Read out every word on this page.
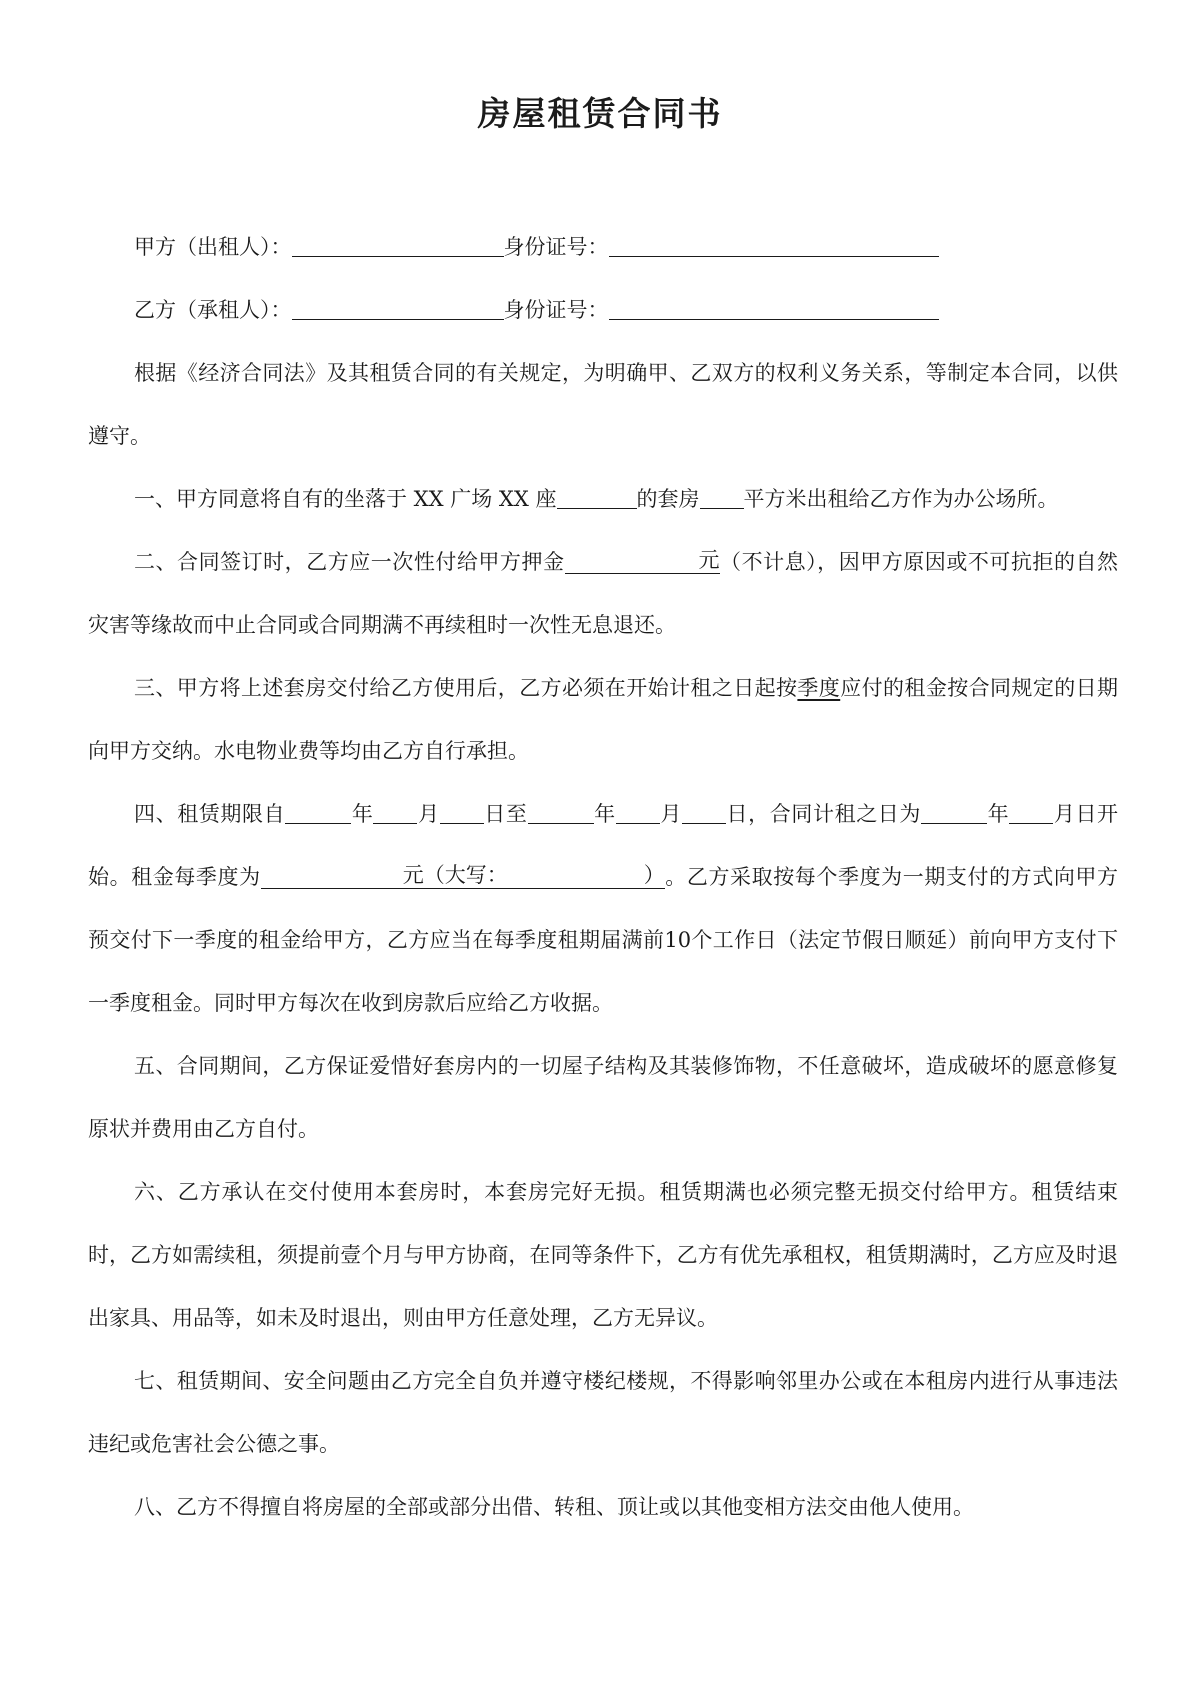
房屋租赁合同书

甲方（出租人）：	身份证号：

乙方（承租人）：	身份证号：

根据《经济合同法》及其租赁合同的有关规定，为明确甲、乙双方的权利义务关系，等制定本合同，以供遵守。

一、甲方同意将自有的坐落于 XX 广场 XX 座	的套房 平方米出租给乙方作为办公场所。

二、合同签订时，乙方应一次性付给甲方押金	元（不计息），因甲方原因或不可抗拒的自然灾害等缘故而中止合同或合同期满不再续租时一次性无息退还。

三、甲方将上述套房交付给乙方使用后，乙方必须在开始计租之日起按季度应付的租金按合同规定的日期向甲方交纳。水电物业费等均由乙方自行承担。

四、租赁期限自	年 月 日至	年 月 日，合同计租之日为	年 月日开始。租金每季度为	元（大写：	）。乙方采取按每个季度为一期支付的方式向甲方预交付下一季度的租金给甲方，乙方应当在每季度租期届满前10个工作日（法定节假日顺延）前向甲方支付下一季度租金。同时甲方每次在收到房款后应给乙方收据。

五、合同期间，乙方保证爱惜好套房内的一切屋子结构及其装修饰物，不任意破坏，造成破坏的愿意修复原状并费用由乙方自付。

六、乙方承认在交付使用本套房时，本套房完好无损。租赁期满也必须完整无损交付给甲方。租赁结束时，乙方如需续租，须提前壹个月与甲方协商，在同等条件下，乙方有优先承租权，租赁期满时，乙方应及时退出家具、用品等，如未及时退出，则由甲方任意处理，乙方无异议。

七、租赁期间、安全问题由乙方完全自负并遵守楼纪楼规，不得影响邻里办公或在本租房内进行从事违法违纪或危害社会公德之事。

八、乙方不得擅自将房屋的全部或部分出借、转租、顶让或以其他变相方法交由他人使用。
